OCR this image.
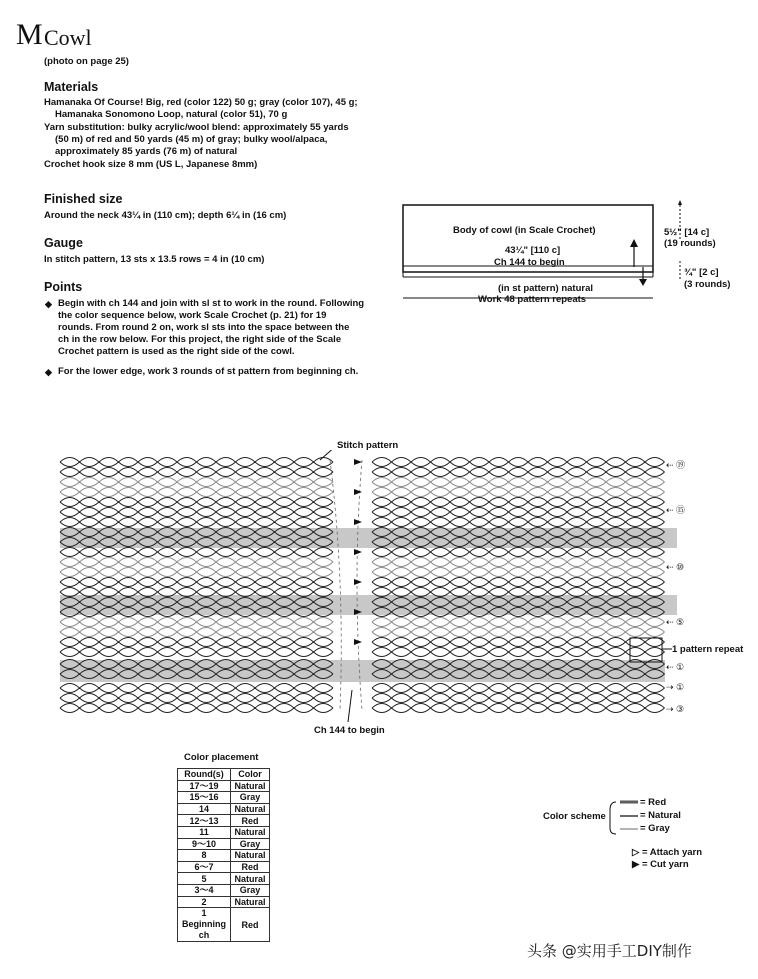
M Cowl
(photo on page 25)
Materials
Hamanaka Of Course! Big, red (color 122) 50 g; gray (color 107), 45 g;
Hamanaka Sonomono Loop, natural (color 51), 70 g
Yarn substitution: bulky acrylic/wool blend: approximately 55 yards
(50 m) of red and 50 yards (45 m) of gray; bulky wool/alpaca,
approximately 85 yards (76 m) of natural
Crochet hook size 8 mm (US L, Japanese 8mm)
Finished size
Around the neck 43¼ in (110 cm); depth 6¼ in (16 cm)
Gauge
In stitch pattern, 13 sts x 13.5 rows = 4 in (10 cm)
Points
◆ Begin with ch 144 and join with sl st to work in the round. Following
the color sequence below, work Scale Crochet (p. 21) for 19
rounds. From round 2 on, work sl sts into the space between the
ch in the row below. For this project, the right side of the Scale
Crochet pattern is used as the right side of the cowl.
◆ For the lower edge, work 3 rounds of st pattern from beginning ch.
Body of cowl (in Scale Crochet)
43¼" [110 c]
Ch 144 to begin
(in st pattern) natural
Work 48 pattern repeats
5½" [14 c]
(19 rounds)
¾" [2 c]
(3 rounds)
Stitch pattern
Ch 144 to begin
1 pattern repeat
⇠ ⑲
⇠ ⑮
⇠ ⑩
⇠ ⑤
⇠ ①
⇢ ①
⇢ ③
Color placement
Round(s)	Color
17〜19	Natural
15〜16	Gray
14	Natural
12〜13	Red
11	Natural
9〜10	Gray
8	Natural
6〜7	Red
5	Natural
3〜4	Gray
2	Natural

1
Beginning
ch	Red
Color scheme
= Red
= Natural
= Gray
▷ = Attach yarn
▶ = Cut yarn
头条 @实用手工DIY制作
